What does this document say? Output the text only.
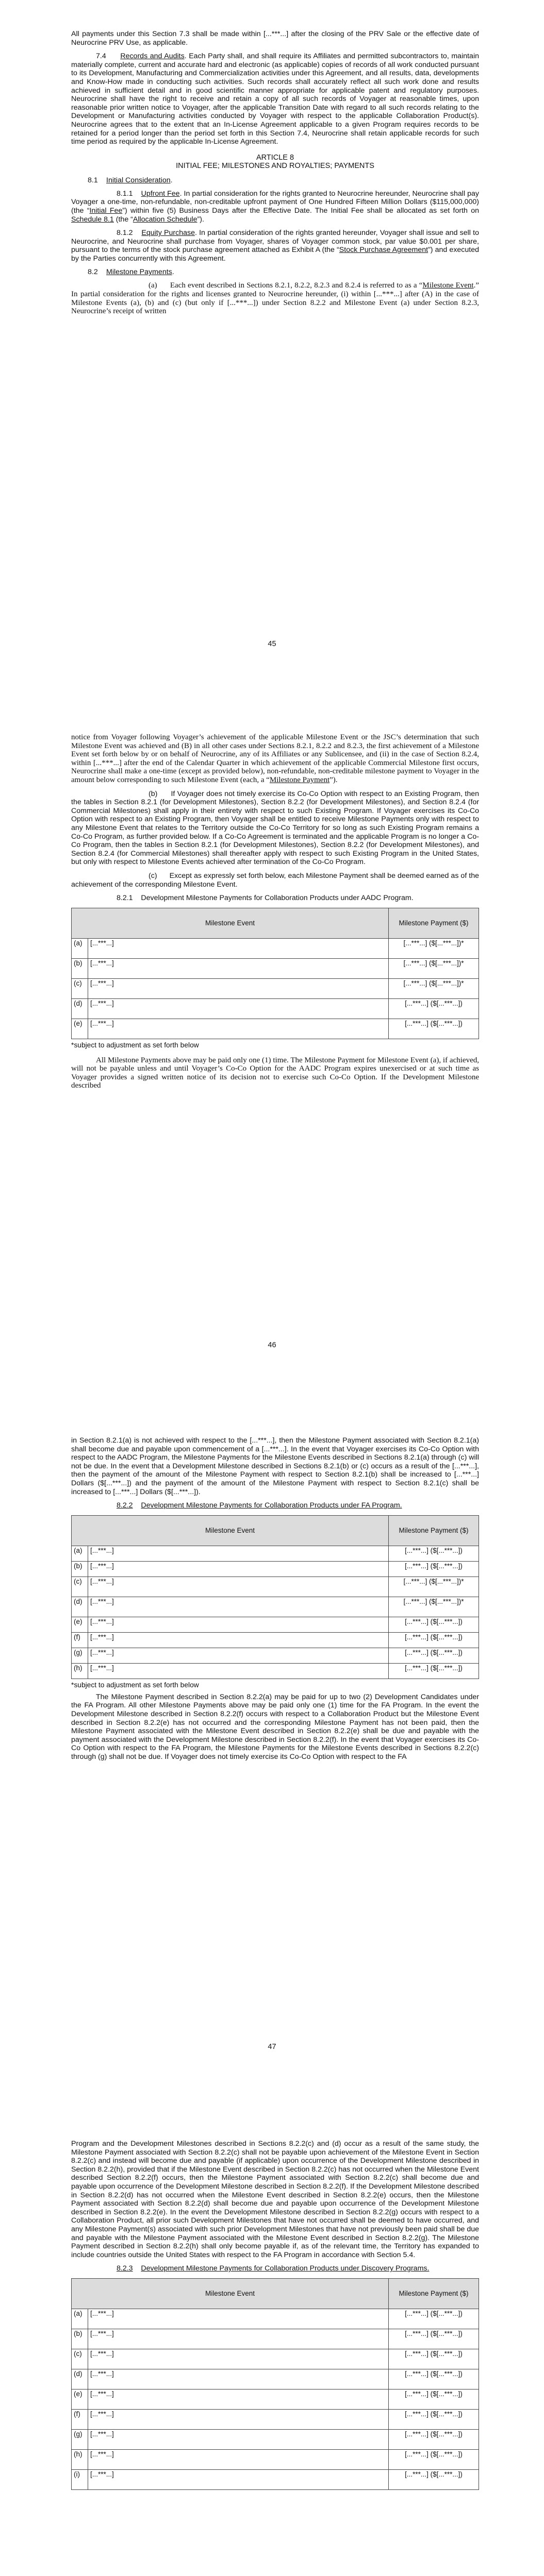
All payments under this Section 7.3 shall be made within [...***...] after the closing of the PRV Sale or the effective date of Neurocrine PRV Use, as applicable.

7.4 Records and Audits. Each Party shall, and shall require its Affiliates and permitted subcontractors to, maintain materially complete, current and accurate hard and electronic (as applicable) copies of records of all work conducted pursuant to its Development, Manufacturing and Commercialization activities under this Agreement, and all results, data, developments and Know-How made in conducting such activities. Such records shall accurately reflect all such work done and results achieved in sufficient detail and in good scientific manner appropriate for applicable patent and regulatory purposes. Neurocrine shall have the right to receive and retain a copy of all such records of Voyager at reasonable times, upon reasonable prior written notice to Voyager, after the applicable Transition Date with regard to all such records relating to the Development or Manufacturing activities conducted by Voyager with respect to the applicable Collaboration Product(s). Neurocrine agrees that to the extent that an In-License Agreement applicable to a given Program requires records to be retained for a period longer than the period set forth in this Section 7.4, Neurocrine shall retain applicable records for such time period as required by the applicable In-License Agreement.

ARTICLE 8
INITIAL FEE; MILESTONES AND ROYALTIES; PAYMENTS
8.1 Initial Consideration.

8.1.1 Upfront Fee. In partial consideration for the rights granted to Neurocrine hereunder, Neurocrine shall pay Voyager a one-time, non-refundable, non-creditable upfront payment of One Hundred Fifteen Million Dollars ($115,000,000) (the “Initial Fee”) within five (5) Business Days after the Effective Date. The Initial Fee shall be allocated as set forth on Schedule 8.1 (the “Allocation Schedule”).

8.1.2 Equity Purchase. In partial consideration of the rights granted hereunder, Voyager shall issue and sell to Neurocrine, and Neurocrine shall purchase from Voyager, shares of Voyager common stock, par value $0.001 per share, pursuant to the terms of the stock purchase agreement attached as Exhibit A (the “Stock Purchase Agreement”) and executed by the Parties concurrently with this Agreement.

8.2 Milestone Payments.

(a) Each event described in Sections 8.2.1, 8.2.2, 8.2.3 and 8.2.4 is referred to as a “Milestone Event.” In partial consideration for the rights and licenses granted to Neurocrine hereunder, (i) within [...***...] after (A) in the case of Milestone Events (a), (b) and (c) (but only if [...***...]) under Section 8.2.2 and Milestone Event (a) under Section 8.2.3, Neurocrine’s receipt of written

45

notice from Voyager following Voyager’s achievement of the applicable Milestone Event or the JSC’s determination that such Milestone Event was achieved and (B) in all other cases under Sections 8.2.1, 8.2.2 and 8.2.3, the first achievement of a Milestone Event set forth below by or on behalf of Neurocrine, any of its Affiliates or any Sublicensee, and (ii) in the case of Section 8.2.4, within [...***...] after the end of the Calendar Quarter in which achievement of the applicable Commercial Milestone first occurs, Neurocrine shall make a one-time (except as provided below), non-refundable, non-creditable milestone payment to Voyager in the amount below corresponding to such Milestone Event (each, a “Milestone Payment”).

(b) If Voyager does not timely exercise its Co-Co Option with respect to an Existing Program, then the tables in Section 8.2.1 (for Development Milestones), Section 8.2.2 (for Development Milestones), and Section 8.2.4 (for Commercial Milestones) shall apply in their entirety with respect to such Existing Program. If Voyager exercises its Co-Co Option with respect to an Existing Program, then Voyager shall be entitled to receive Milestone Payments only with respect to any Milestone Event that relates to the Territory outside the Co-Co Territory for so long as such Existing Program remains a Co-Co Program, as further provided below. If a Co-Co Agreement is terminated and the applicable Program is no longer a Co-Co Program, then the tables in Section 8.2.1 (for Development Milestones), Section 8.2.2 (for Development Milestones), and Section 8.2.4 (for Commercial Milestones) shall thereafter apply with respect to such Existing Program in the United States, but only with respect to Milestone Events achieved after termination of the Co-Co Program.

(c) Except as expressly set forth below, each Milestone Payment shall be deemed earned as of the achievement of the corresponding Milestone Event.

8.2.1 Development Milestone Payments for Collaboration Products under AADC Program.

Milestone Event		Milestone Payment ($)
(a)	[...***...]	[...***...] ($[...***...])*
(b)	[...***...]	[...***...] ($[...***...])*
(c)	[...***...]	[...***...] ($[...***...])*
(d)	[...***...]	[...***...] ($[...***...])
(e)	[...***...]	[...***...] ($[...***...])
*subject to adjustment as set forth below

All Milestone Payments above may be paid only one (1) time. The Milestone Payment for Milestone Event (a), if achieved, will not be payable unless and until Voyager’s Co-Co Option for the AADC Program expires unexercised or at such time as Voyager provides a signed written notice of its decision not to exercise such Co-Co Option. If the Development Milestone described

46

in Section 8.2.1(a) is not achieved with respect to the [...***...], then the Milestone Payment associated with Section 8.2.1(a) shall become due and payable upon commencement of a [...***...]. In the event that Voyager exercises its Co-Co Option with respect to the AADC Program, the Milestone Payments for the Milestone Events described in Sections 8.2.1(a) through (c) will not be due. In the event that a Development Milestone described in Sections 8.2.1(b) or (c) occurs as a result of the [...***...], then the payment of the amount of the Milestone Payment with respect to Section 8.2.1(b) shall be increased to [...***...] Dollars ($[...***...]) and the payment of the amount of the Milestone Payment with respect to Section 8.2.1(c) shall be increased to [...***...] Dollars ($[...***...]).

8.2.2 Development Milestone Payments for Collaboration Products under FA Program.

Milestone Event		Milestone Payment ($)
(a)	[...***...]	[...***...] ($[...***...])
(b)	[...***...]	[...***...] ($[...***...])
(c)	[...***...]	[...***...] ($[...***...])*
(d)	[...***...]	[...***...] ($[...***...])*
(e)	[...***...]	[...***...] ($[...***...])
(f)	[...***...]	[...***...] ($[...***...])
(g)	[...***...]	[...***...] ($[...***...])
(h)	[...***...]	[...***...] ($[...***...])
*subject to adjustment as set forth below

The Milestone Payment described in Section 8.2.2(a) may be paid for up to two (2) Development Candidates under the FA Program. All other Milestone Payments above may be paid only one (1) time for the FA Program. In the event the Development Milestone described in Section 8.2.2(f) occurs with respect to a Collaboration Product but the Milestone Event described in Section 8.2.2(e) has not occurred and the corresponding Milestone Payment has not been paid, then the Milestone Payment associated with the Milestone Event described in Section 8.2.2(e) shall be due and payable with the payment associated with the Development Milestone described in Section 8.2.2(f). In the event that Voyager exercises its Co-Co Option with respect to the FA Program, the Milestone Payments for the Milestone Events described in Sections 8.2.2(c) through (g) shall not be due. If Voyager does not timely exercise its Co-Co Option with respect to the FA

47

Program and the Development Milestones described in Sections 8.2.2(c) and (d) occur as a result of the same study, the Milestone Payment associated with Section 8.2.2(c) shall not be payable upon achievement of the Milestone Event in Section 8.2.2(c) and instead will become due and payable (if applicable) upon occurrence of the Development Milestone described in Section 8.2.2(h), provided that if the Milestone Event described in Section 8.2.2(c) has not occurred when the Milestone Event described Section 8.2.2(f) occurs, then the Milestone Payment associated with Section 8.2.2(c) shall become due and payable upon occurrence of the Development Milestone described in Section 8.2.2(f). If the Development Milestone described in Section 8.2.2(d) has not occurred when the Milestone Event described in Section 8.2.2(e) occurs, then the Milestone Payment associated with Section 8.2.2(d) shall become due and payable upon occurrence of the Development Milestone described in Section 8.2.2(e). In the event the Development Milestone described in Section 8.2.2(g) occurs with respect to a Collaboration Product, all prior such Development Milestones that have not occurred shall be deemed to have occurred, and any Milestone Payment(s) associated with such prior Development Milestones that have not previously been paid shall be due and payable with the Milestone Payment associated with the Milestone Event described in Section 8.2.2(g). The Milestone Payment described in Section 8.2.2(h) shall only become payable if, as of the relevant time, the Territory has expanded to include countries outside the United States with respect to the FA Program in accordance with Section 5.4.

8.2.3 Development Milestone Payments for Collaboration Products under Discovery Programs.

Milestone Event		Milestone Payment ($)
(a)	[...***...]	[...***...] ($[...***...])
(b)	[...***...]	[...***...] ($[...***...])
(c)	[...***...]	[...***...] ($[...***...])
(d)	[...***...]	[...***...] ($[...***...])
(e)	[...***...]	[...***...] ($[...***...])
(f)	[...***...]	[...***...] ($[...***...])
(g)	[...***...]	[...***...] ($[...***...])
(h)	[...***...]	[...***...] ($[...***...])
(i)	[...***...]	[...***...] ($[...***...])
